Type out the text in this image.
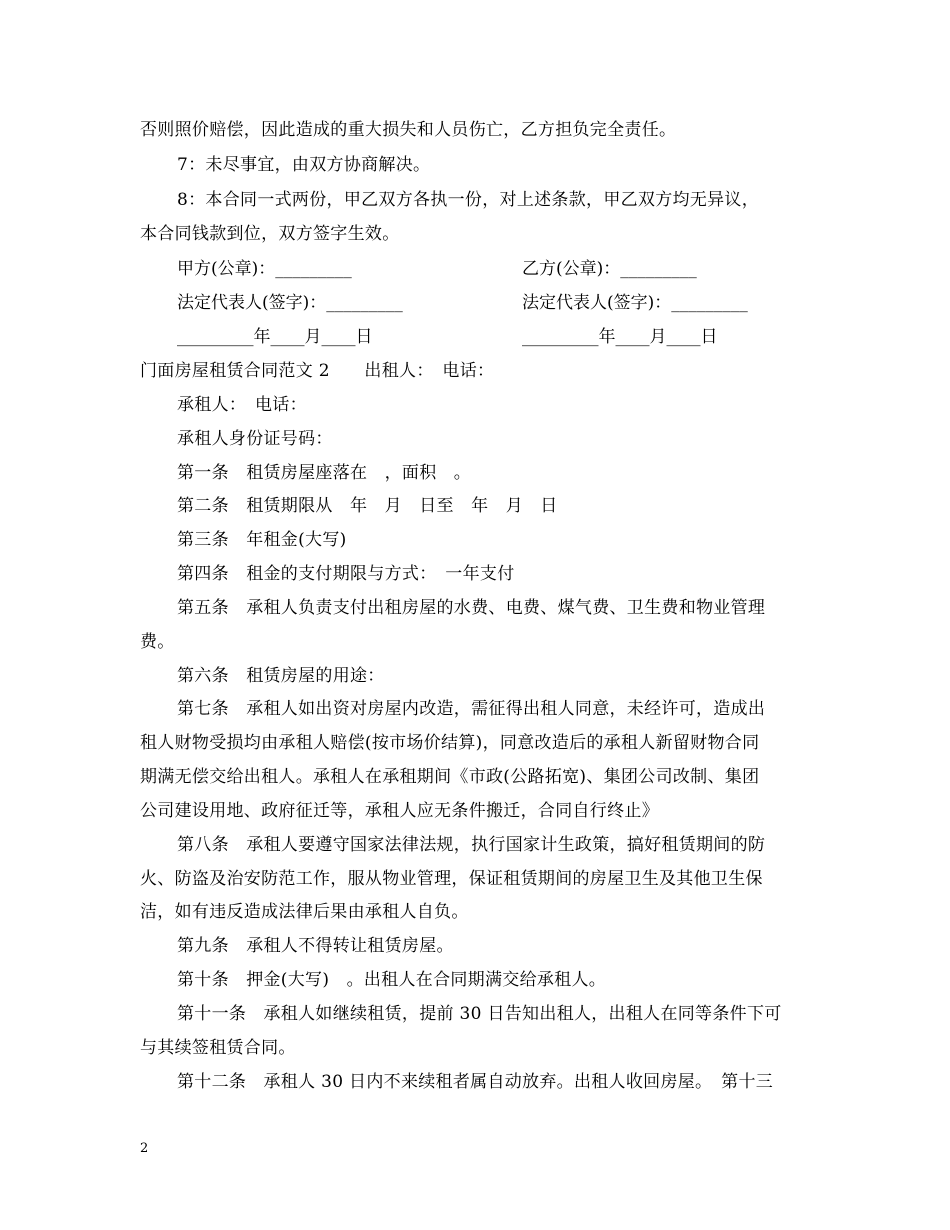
否则照价赔偿，因此造成的重大损失和人员伤亡，乙方担负完全责任。
7：未尽事宜，由双方协商解决。
8：本合同一式两份，甲乙双方各执一份，对上述条款，甲乙双方均无异议，
本合同钱款到位，双方签字生效。
甲方(公章)：_________	乙方(公章)：_________
法定代表人(签字)：_________	法定代表人(签字)：_________
_________年____月____日	_________年____月____日
门面房屋租赁合同范文 2　　出租人：　电话：
承租人：　电话：
承租人身份证号码：
第一条　租赁房屋座落在　，面积　。
第二条　租赁期限从　年　月　日至　年　月　日
第三条　年租金(大写)
第四条　租金的支付期限与方式：　一年支付
第五条　承租人负责支付出租房屋的水费、电费、煤气费、卫生费和物业管理
费。
第六条　租赁房屋的用途：
第七条　承租人如出资对房屋内改造，需征得出租人同意，未经许可，造成出
租人财物受损均由承租人赔偿(按市场价结算)，同意改造后的承租人新留财物合同
期满无偿交给出租人。承租人在承租期间《市政(公路拓宽)、集团公司改制、集团
公司建设用地、政府征迁等，承租人应无条件搬迁，合同自行终止》
第八条　承租人要遵守国家法律法规，执行国家计生政策，搞好租赁期间的防
火、防盗及治安防范工作，服从物业管理，保证租赁期间的房屋卫生及其他卫生保
洁，如有违反造成法律后果由承租人自负。
第九条　承租人不得转让租赁房屋。
第十条　押金(大写)　。出租人在合同期满交给承租人。
第十一条　承租人如继续租赁，提前 30 日告知出租人，出租人在同等条件下可
与其续签租赁合同。
第十二条　承租人 30 日内不来续租者属自动放弃。出租人收回房屋。　第十三
2
